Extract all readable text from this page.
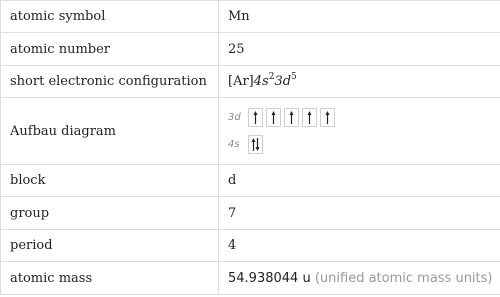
atomic symbol	Mn
atomic number	25
short electronic configuration	$[Ar]4s^23d^5$
Aufbau diagram	3d
4s

block	d
group	7
period	4
atomic mass	54.938044 u (unified atomic mass units)
